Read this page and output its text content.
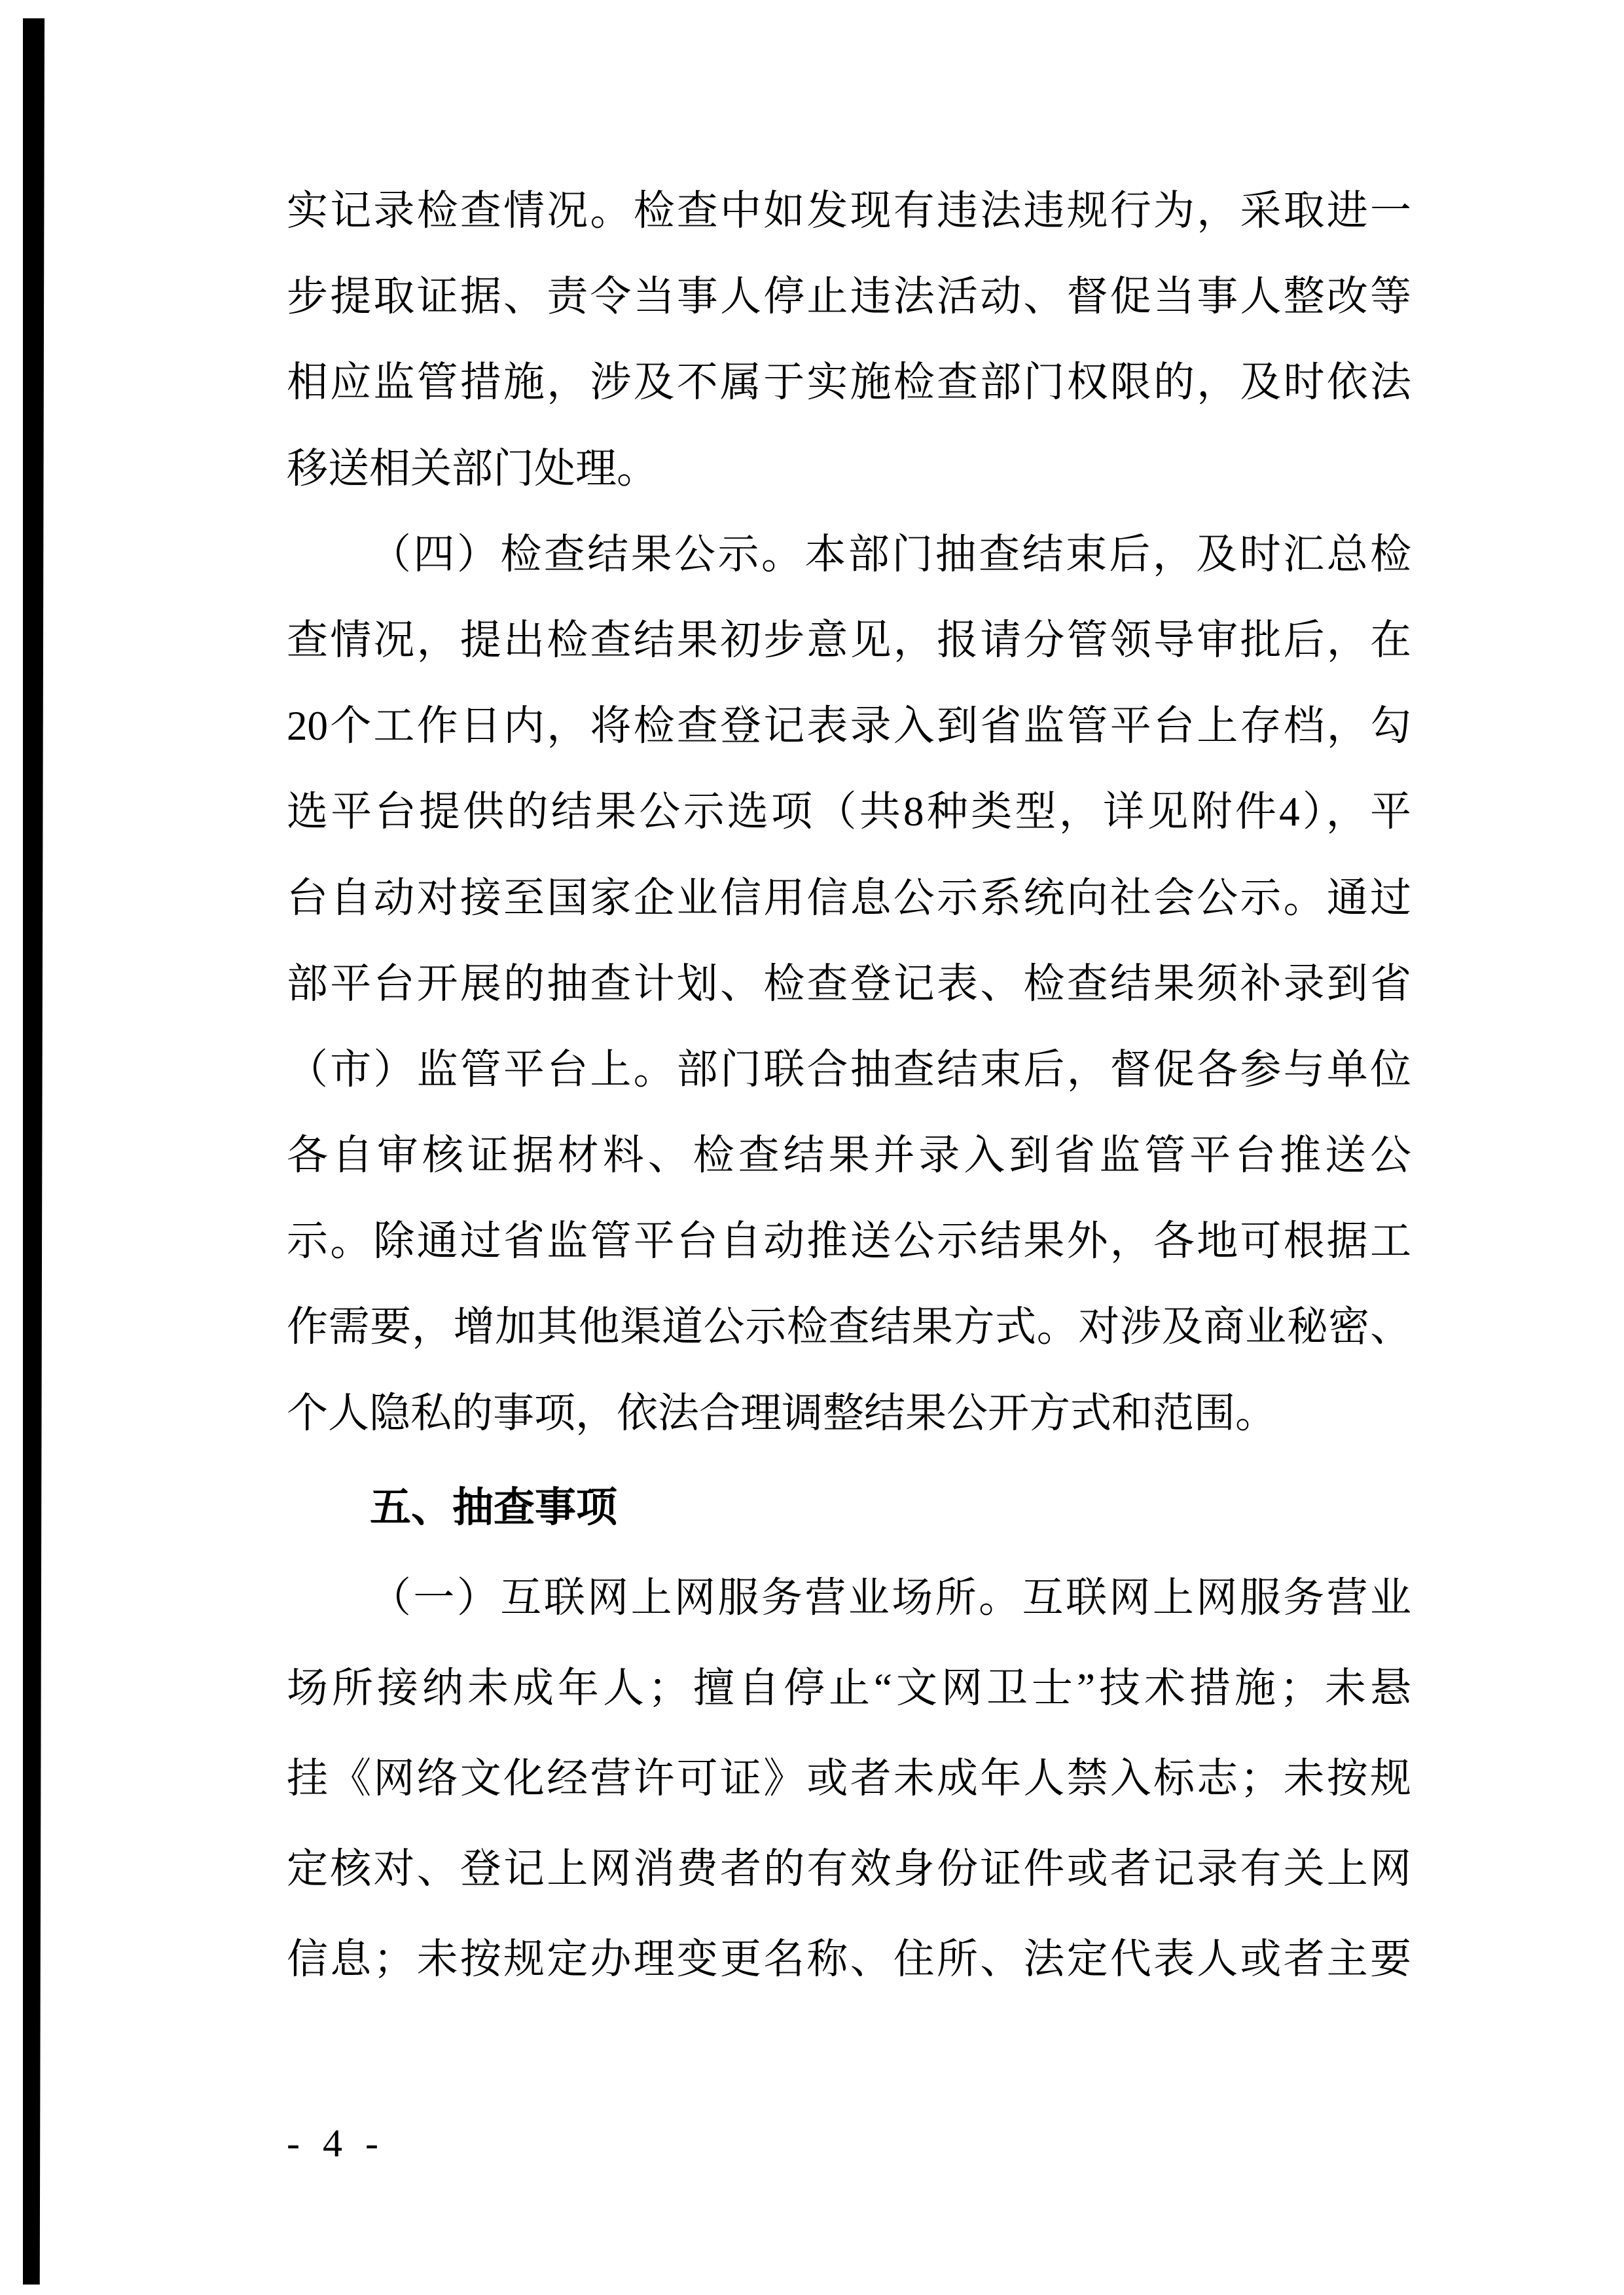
实记录检查情况。检查中如发现有违法违规行为，采取进一
步提取证据、责令当事人停止违法活动、督促当事人整改等
相应监管措施，涉及不属于实施检查部门权限的，及时依法
移送相关部门处理。
（四）检查结果公示。本部门抽查结束后，及时汇总检
查情况，提出检查结果初步意见，报请分管领导审批后，在
20个工作日内，将检查登记表录入到省监管平台上存档，勾
选平台提供的结果公示选项（共8种类型，详见附件4），平
台自动对接至国家企业信用信息公示系统向社会公示。通过
部平台开展的抽查计划、检查登记表、检查结果须补录到省
（市）监管平台上。部门联合抽查结束后，督促各参与单位
各自审核证据材料、检查结果并录入到省监管平台推送公
示。除通过省监管平台自动推送公示结果外，各地可根据工
作需要，增加其他渠道公示检查结果方式。对涉及商业秘密、
个人隐私的事项，依法合理调整结果公开方式和范围。
五、抽查事项
（一）互联网上网服务营业场所。互联网上网服务营业
场所接纳未成年人；擅自停止“文网卫士”技术措施；未悬
挂《网络文化经营许可证》或者未成年人禁入标志；未按规
定核对、登记上网消费者的有效身份证件或者记录有关上网
信息；未按规定办理变更名称、住所、法定代表人或者主要
- 4 -
